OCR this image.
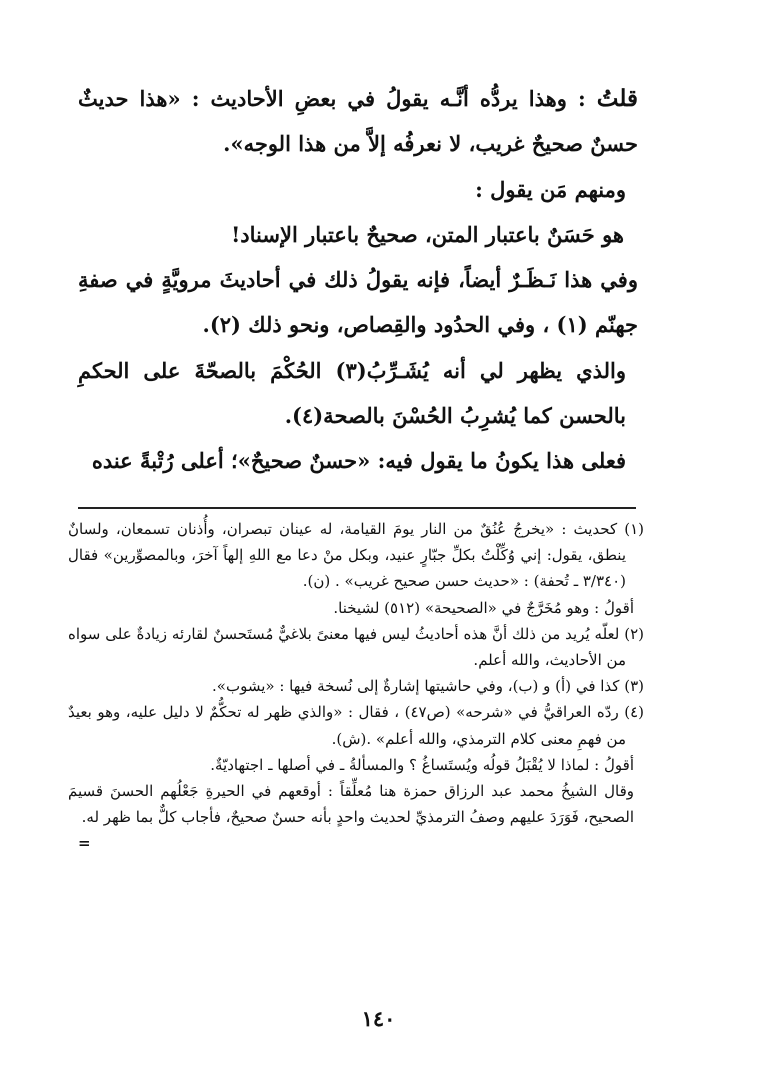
قلتُ : وهذا يردُّه أنَّـه يقولُ في بعضِ الأحاديث : «هذا حديثٌ حسنٌ صحيحٌ غريب، لا نعرفُه إلاَّ من هذا الوجه».

ومنهم مَن يقول :

هو حَسَنٌ باعتبار المتن، صحيحٌ باعتبار الإسناد!

وفي هذا نَـظَـرٌ أيضاً، فإنه يقولُ ذلك في أحاديثَ مرويَّةٍ في صفةِ جهنّم (١) ، وفي الحدُود والقِصاص، ونحو ذلك (٢).

والذي يظهر لي أنه يُشَـرِّبُ(٣) الحُكْمَ بالصحّةَ على الحكمِ بالحسن كما يُشرِبُ الحُسْنَ بالصحة(٤).

فعلى هذا يكونُ ما يقول فيه: «حسنٌ صحيحٌ»؛ أعلى رُتْبةً عنده

(١) كحديث : «يخرجُ عُنُقٌ من النار يومَ القيامة، له عينان تبصران، وأُذنان تسمعان، ولسانٌ ينطق، يقول: إني وُكِّلْتُ بكلِّ جبّارٍ عنيد، وبكل منْ دعا مع اللهِ إلهاً آخرَ، وبالمصوِّرين» فقال (٣/٣٤٠ ـ تُحفة) : «حديث حسن صحيح غريب» . (ن).

أقولُ : وهو مُخَرَّجٌ في «الصحيحة» (٥١٢) لشيخنا.

(٢) لعلّه يُريد من ذلك أنَّ هذه أحاديثُ ليس فيها معنىً بلاغيٌّ مُستَحسنٌ لقارئه زيادةٌ على سواه من الأحاديث، والله أعلم.

(٣) كذا في (أ) و (ب)، وفي حاشيتها إشارةٌ إلى نُسخة فيها : «يشوب».

(٤) ردّه العراقيُّ في «شرحه» (ص٤٧) ، فقال : «والذي ظهر له تحكُّمٌ لا دليل عليه، وهو بعيدٌ من فهمِ معنى كلام الترمذي، والله أعلم» .(ش).

أقولُ : لماذا لا يُقْبَلُ قولُه ويُستَساغُ ؟ والمسألةُ ـ في أصلها ـ اجتهاديّةٌ.

وقال الشيخُ محمد عبد الرزاق حمزة هنا مُعلِّقاً : أوقعهم في الحيرةِ جَعْلُهم الحسنَ قسيمَ الصحيح، فَوَرَدَ عليهم وصفُ الترمذيِّ لحديث واحدٍ بأنه حسنٌ صحيحٌ، فأجاب كلٌّ بما ظهر له.
=

١٤٠
